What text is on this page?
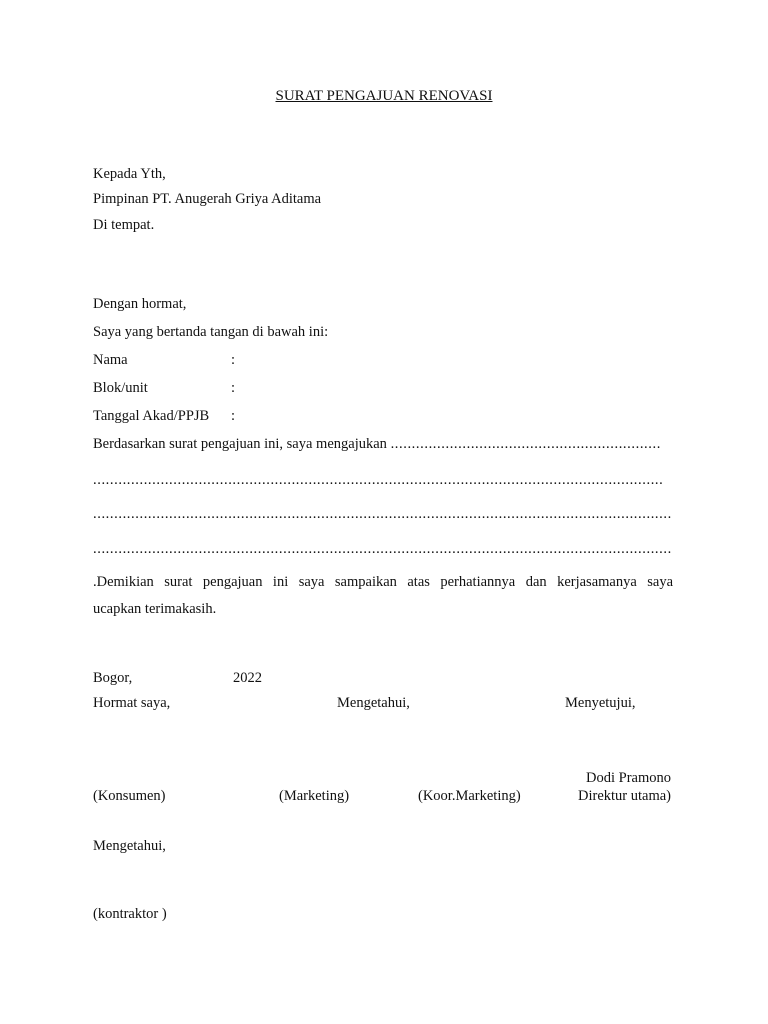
SURAT PENGAJUAN RENOVASI
Kepada Yth,
Pimpinan PT. Anugerah Griya Aditama
Di tempat.
Dengan hormat,
Saya yang bertanda tangan di bawah ini:
Nama	:
Blok/unit	:
Tanggal Akad/PPJB :
Berdasarkan surat pengajuan ini, saya mengajukan ................................................................
.......................................................................................................................................
.........................................................................................................................................
.........................................................................................................................................
.Demikian surat pengajuan ini saya sampaikan atas perhatiannya dan kerjasamanya saya
ucapkan terimakasih.
Bogor,	2022
Hormat saya,	Mengetahui,	Menyetujui,
Dodi Pramono
(Konsumen)	(Marketing)	(Koor.Marketing)	Direktur utama)
Mengetahui,
(kontraktor )
